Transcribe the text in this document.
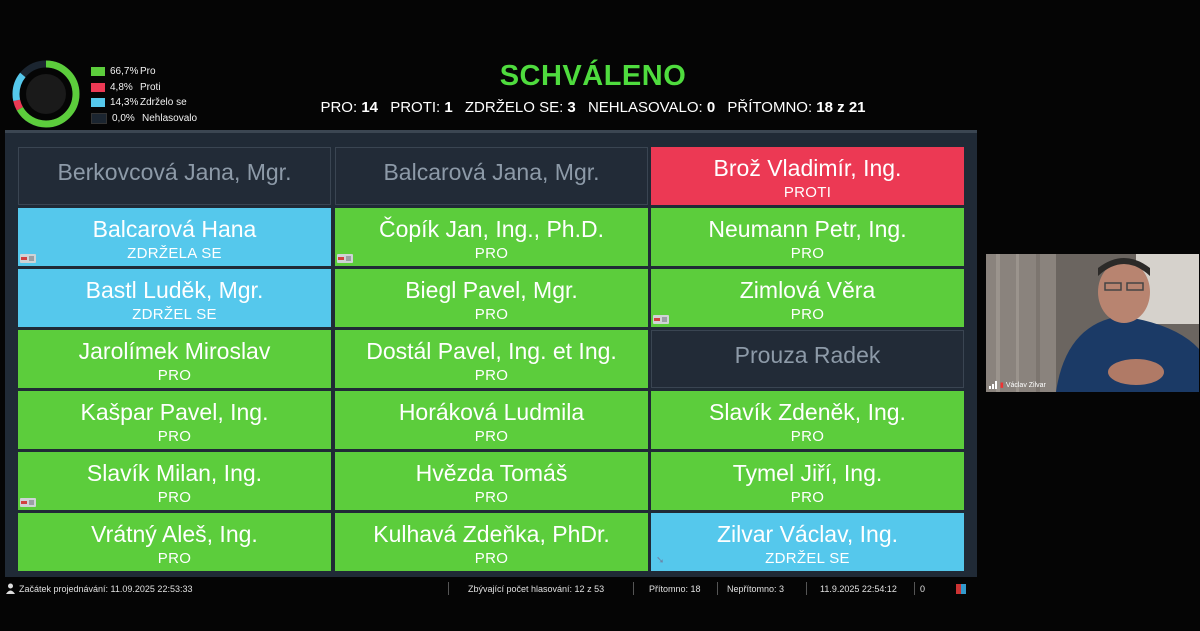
66,7% Pro
4,8% Proti
14,3% Zdrželo se
0,0% Nehlasovalo
SCHVÁLENO
PRO: 14 PROTI: 1 ZDRŽELO SE: 3 NEHLASOVALO: 0 PŘÍTOMNO: 18 z 21
Berkovcová Jana, Mgr.	Balcarová Jana, Mgr.	Brož Vladimír, Ing.
PROTI
Balcarová Hana
ZDRŽELA SE
Čopík Jan, Ing., Ph.D.
PRO
Neumann Petr, Ing.
PRO
Bastl Luděk, Mgr.
ZDRŽEL SE
Biegl Pavel, Mgr.
PRO
Zimlová Věra
PRO
Jarolímek Miroslav
PRO
Dostál Pavel, Ing. et Ing.
PRO
Prouza Radek
Kašpar Pavel, Ing.
PRO
Horáková Ludmila
PRO
Slavík Zdeněk, Ing.
PRO
Slavík Milan, Ing.
PRO
Hvězda Tomáš
PRO
Tymel Jiří, Ing.
PRO
Vrátný Aleš, Ing.
PRO
Kulhavá Zdeňka, PhDr.
PRO
Zilvar Václav, Ing.
ZDRŽEL SE
➘
Začátek projednávání: 11.09.2025 22:53:33	Zbývající počet hlasování: 12 z 53	Přítomno: 18	Nepřítomno: 3	11.9.2025 22:54:12	0
▮ Václav Zilvar
